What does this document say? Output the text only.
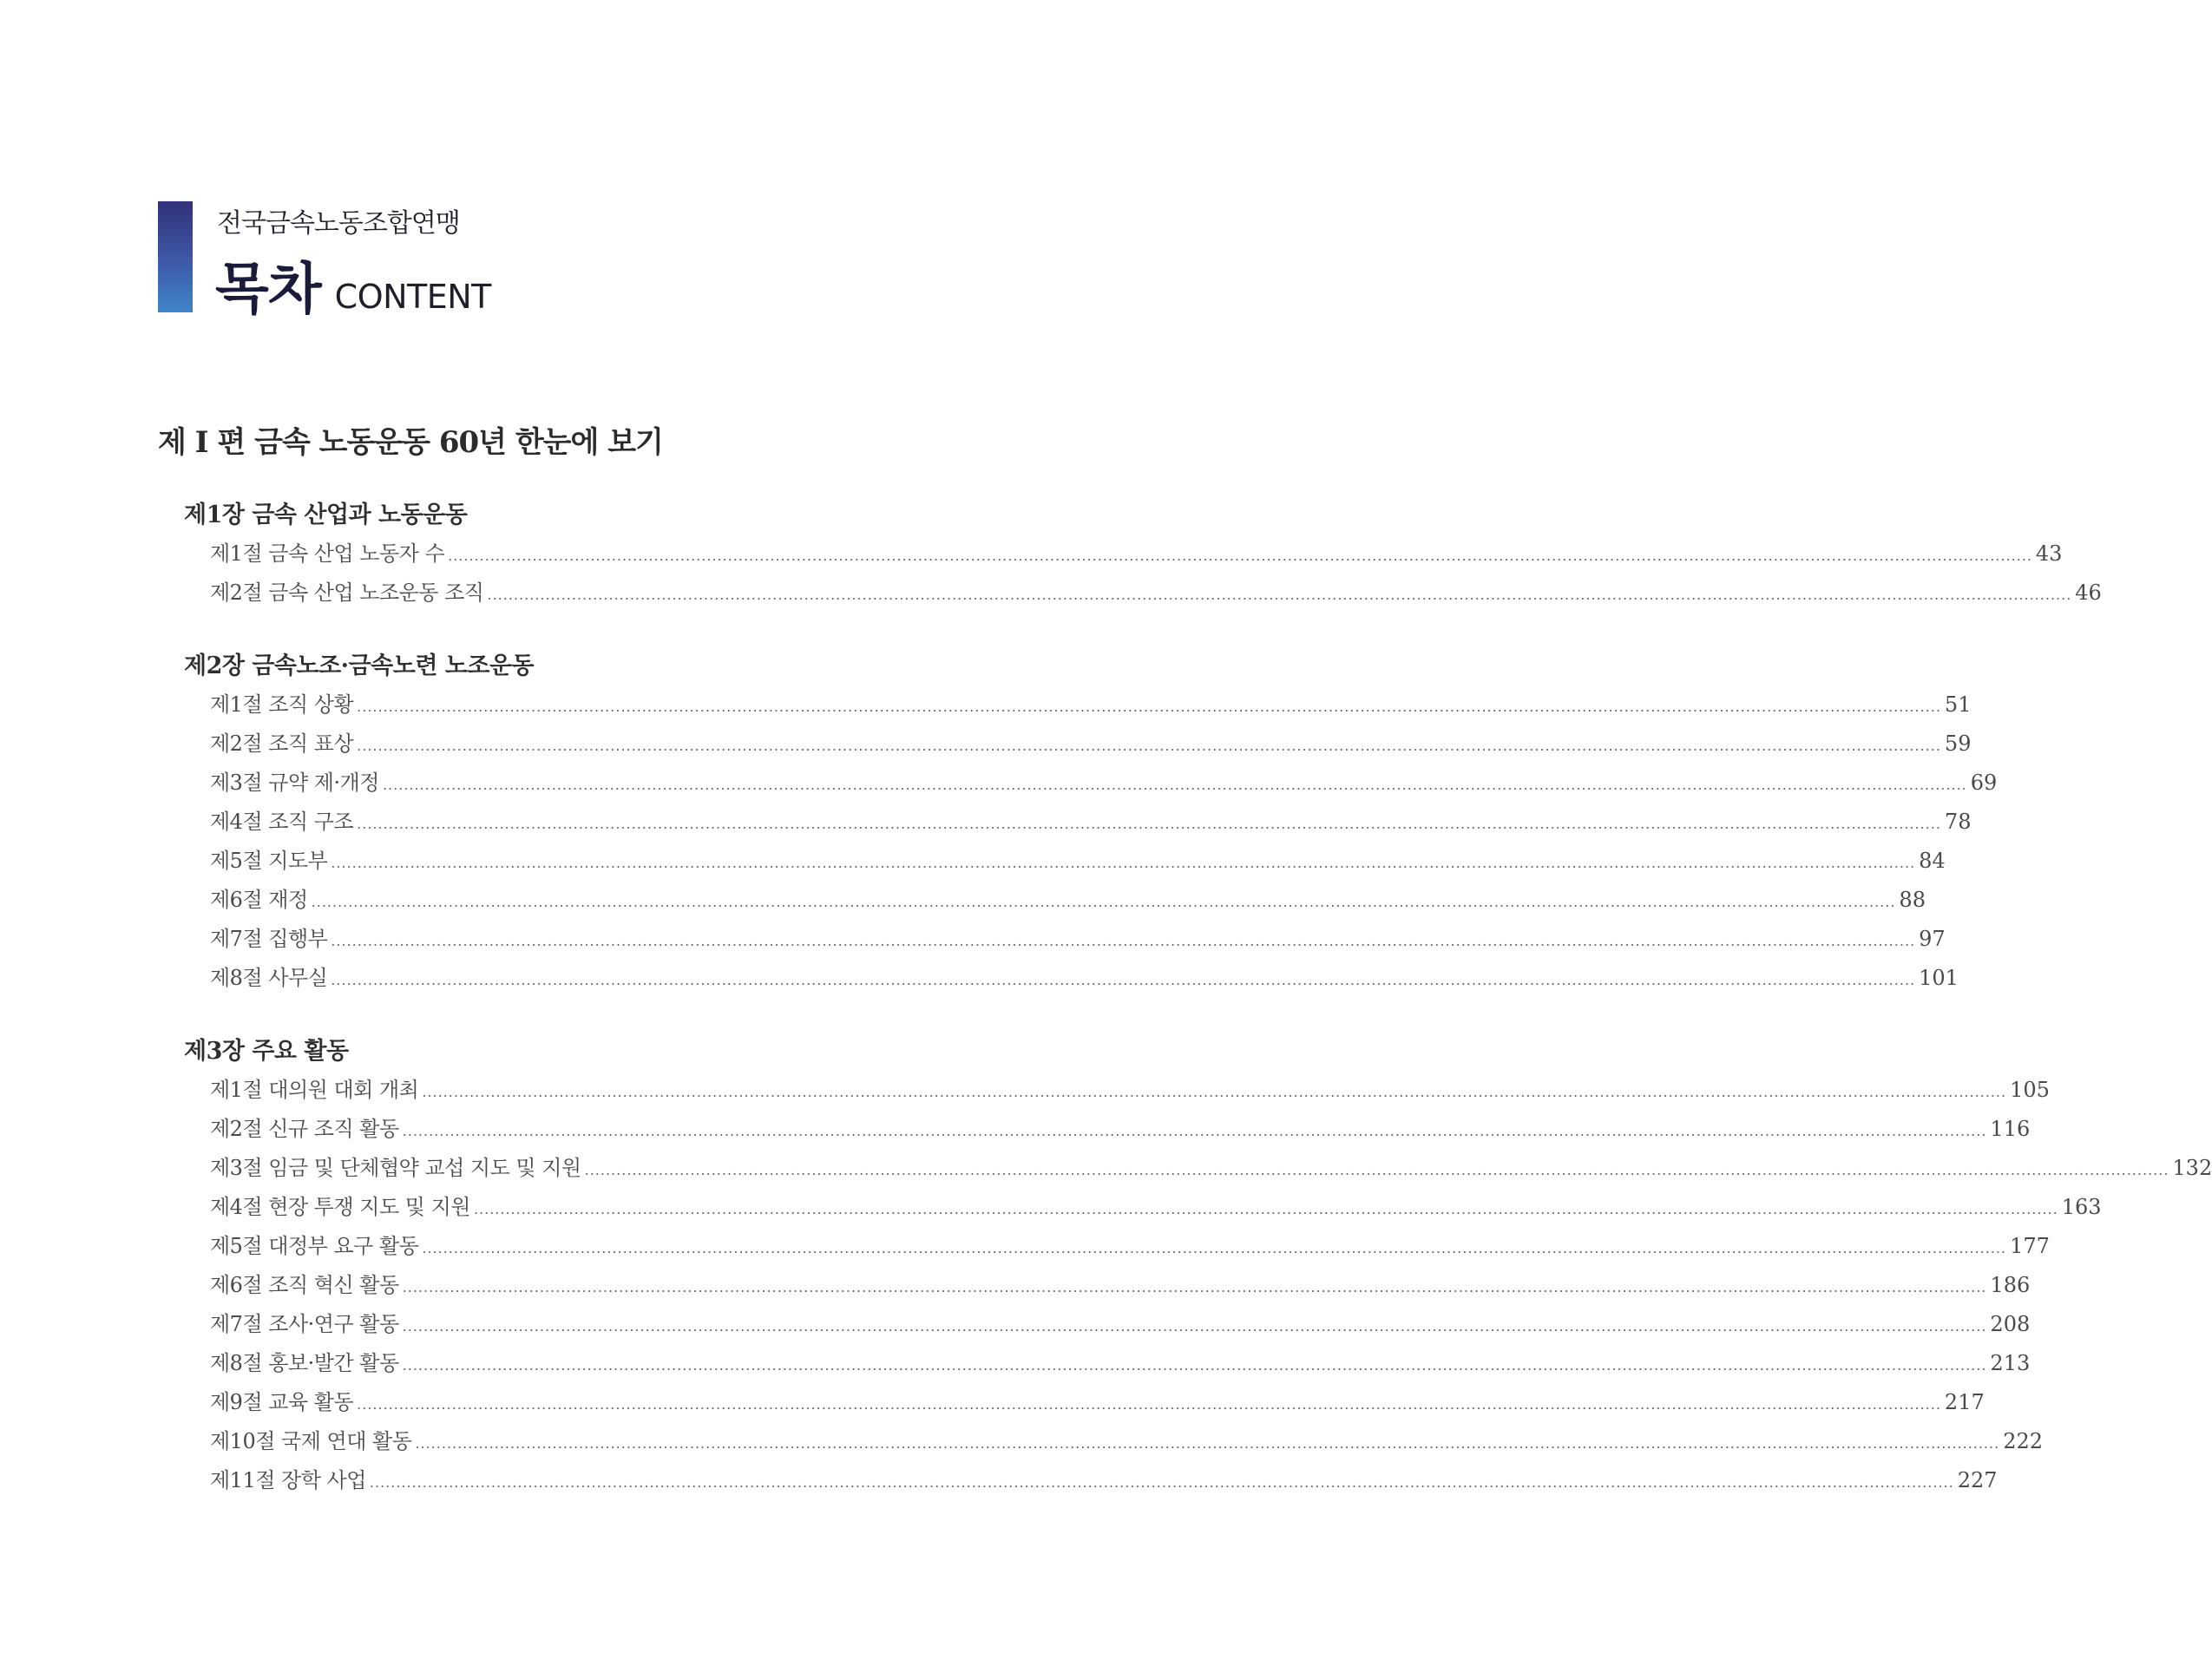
전국금속노동조합연맹
목차 CONTENT
제 I 편 금속 노동운동 60년 한눈에 보기
제1장 금속 산업과 노동운동
제1절 금속 산업 노동자 수 ............................................................................................................................................................................................................................................................................................................ 43
제2절 금속 산업 노조운동 조직 ............................................................................................................................................................................................................................................................................................................ 46
제2장 금속노조·금속노련 노조운동
제1절 조직 상황 ............................................................................................................................................................................................................................................................................................................ 51
제2절 조직 표상 ............................................................................................................................................................................................................................................................................................................ 59
제3절 규약 제·개정 ............................................................................................................................................................................................................................................................................................................ 69
제4절 조직 구조 ............................................................................................................................................................................................................................................................................................................ 78
제5절 지도부 ............................................................................................................................................................................................................................................................................................................ 84
제6절 재정 ............................................................................................................................................................................................................................................................................................................ 88
제7절 집행부 ............................................................................................................................................................................................................................................................................................................ 97
제8절 사무실 ............................................................................................................................................................................................................................................................................................................ 101
제3장 주요 활동
제1절 대의원 대회 개최 ............................................................................................................................................................................................................................................................................................................ 105
제2절 신규 조직 활동 ............................................................................................................................................................................................................................................................................................................ 116
제3절 임금 및 단체협약 교섭 지도 및 지원 ............................................................................................................................................................................................................................................................................................................ 132
제4절 현장 투쟁 지도 및 지원 ............................................................................................................................................................................................................................................................................................................ 163
제5절 대정부 요구 활동 ............................................................................................................................................................................................................................................................................................................ 177
제6절 조직 혁신 활동 ............................................................................................................................................................................................................................................................................................................ 186
제7절 조사·연구 활동 ............................................................................................................................................................................................................................................................................................................ 208
제8절 홍보·발간 활동 ............................................................................................................................................................................................................................................................................................................ 213
제9절 교육 활동 ............................................................................................................................................................................................................................................................................................................ 217
제10절 국제 연대 활동 ............................................................................................................................................................................................................................................................................................................ 222
제11절 장학 사업 ............................................................................................................................................................................................................................................................................................................ 227
